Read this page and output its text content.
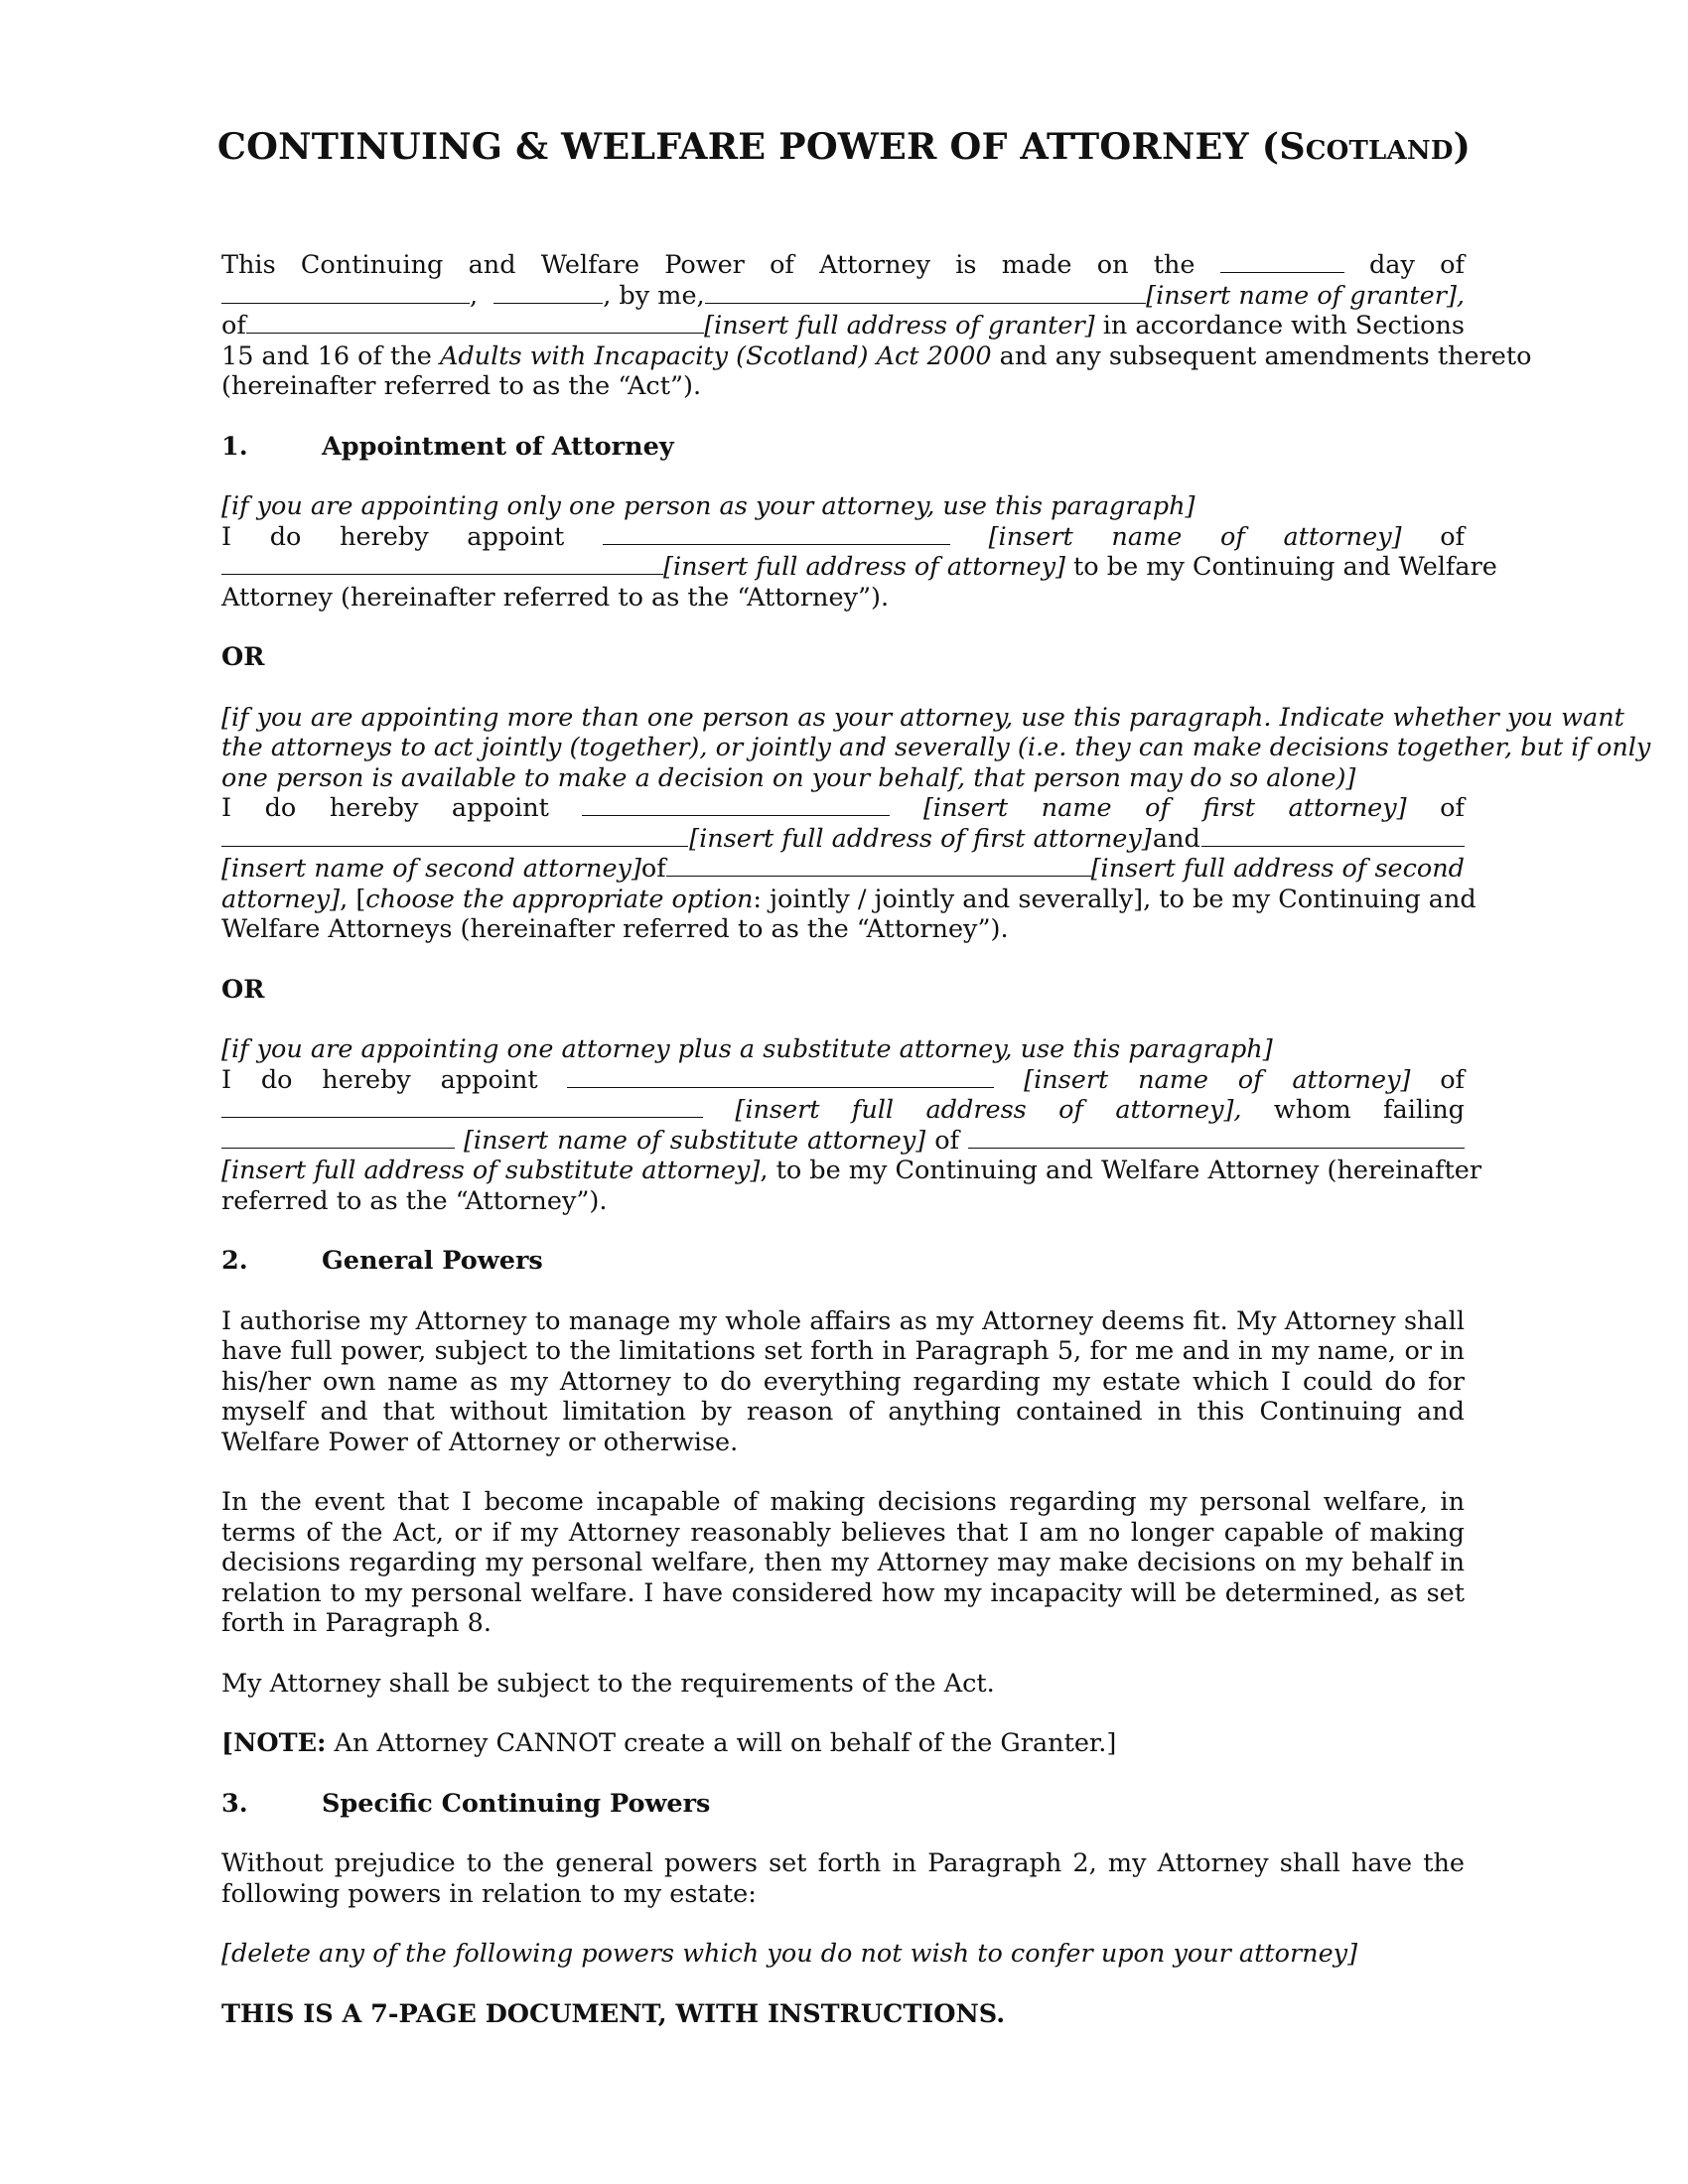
CONTINUING & WELFARE POWER OF ATTORNEY (Scotland)
This Continuing and Welfare Power of Attorney is made on the	day of
,	, by me,	[insert name of granter],
of	[insert full address of granter] in accordance with Sections
15 and 16 of the Adults with Incapacity (Scotland) Act 2000 and any subsequent amendments thereto

(hereinafter referred to as the “Act”).

1.	Appointment of Attorney

[if you are appointing only one person as your attorney, use this paragraph]

I do hereby appoint	[insert name of attorney] of
[insert full address of attorney] to be my Continuing and Welfare

Attorney (hereinafter referred to as the “Attorney”).

OR

[if you are appointing more than one person as your attorney, use this paragraph. Indicate whether you want
the attorneys to act jointly (together), or jointly and severally (i.e. they can make decisions together, but if only

one person is available to make a decision on your behalf, that person may do so alone)]

I do hereby appoint	[insert name of first attorney] of
[insert full address of first attorney] and
[insert name of second attorney] of	[insert full address of second
attorney], [choose the appropriate option: jointly / jointly and severally], to be my Continuing and

Welfare Attorneys (hereinafter referred to as the “Attorney”).

OR

[if you are appointing one attorney plus a substitute attorney, use this paragraph]

I do hereby appoint	[insert name of attorney] of
[insert full address of attorney], whom failing
[insert name of substitute attorney] of
[insert full address of substitute attorney], to be my Continuing and Welfare Attorney (hereinafter

referred to as the “Attorney”).

2.	General Powers

I authorise my Attorney to manage my whole affairs as my Attorney deems fit. My Attorney shall have full power, subject to the limitations set forth in Paragraph 5, for me and in my name, or in his/her own name as my Attorney to do everything regarding my estate which I could do for myself and that without limitation by reason of anything contained in this Continuing and Welfare Power of Attorney or otherwise.

In the event that I become incapable of making decisions regarding my personal welfare, in terms of the Act, or if my Attorney reasonably believes that I am no longer capable of making decisions regarding my personal welfare, then my Attorney may make decisions on my behalf in relation to my personal welfare. I have considered how my incapacity will be determined, as set forth in Paragraph 8.

My Attorney shall be subject to the requirements of the Act.

[NOTE: An Attorney CANNOT create a will on behalf of the Granter.]

3.	Specific Continuing Powers

Without prejudice to the general powers set forth in Paragraph 2, my Attorney shall have the following powers in relation to my estate:

[delete any of the following powers which you do not wish to confer upon your attorney]

THIS IS A 7-PAGE DOCUMENT, WITH INSTRUCTIONS.
